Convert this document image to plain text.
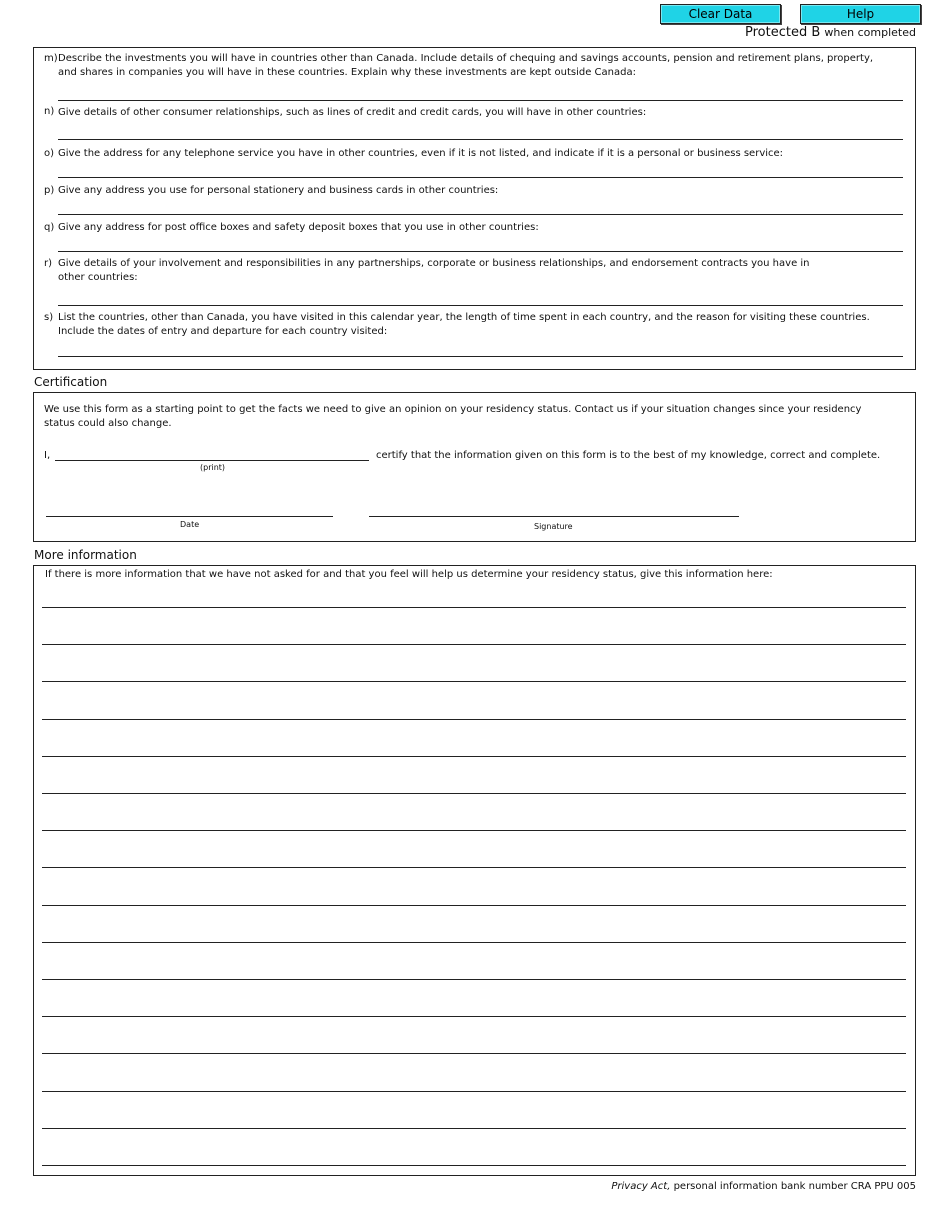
Clear Data	Help
Protected B when completed
m) Describe the investments you will have in countries other than Canada. Include details of chequing and savings accounts, pension and retirement plans, property, and shares in companies you will have in these countries. Explain why these investments are kept outside Canada:
n) Give details of other consumer relationships, such as lines of credit and credit cards, you will have in other countries:
o) Give the address for any telephone service you have in other countries, even if it is not listed, and indicate if it is a personal or business service:
p) Give any address you use for personal stationery and business cards in other countries:
q) Give any address for post office boxes and safety deposit boxes that you use in other countries:
r) Give details of your involvement and responsibilities in any partnerships, corporate or business relationships, and endorsement contracts you have in other countries:
s) List the countries, other than Canada, you have visited in this calendar year, the length of time spent in each country, and the reason for visiting these countries. Include the dates of entry and departure for each country visited:
Certification
We use this form as a starting point to get the facts we need to give an opinion on your residency status. Contact us if your situation changes since your residency status could also change.
I,
(print)
certify that the information given on this form is to the best of my knowledge, correct and complete.
Date	Signature
More information
If there is more information that we have not asked for and that you feel will help us determine your residency status, give this information here:
Privacy Act, personal information bank number CRA PPU 005
